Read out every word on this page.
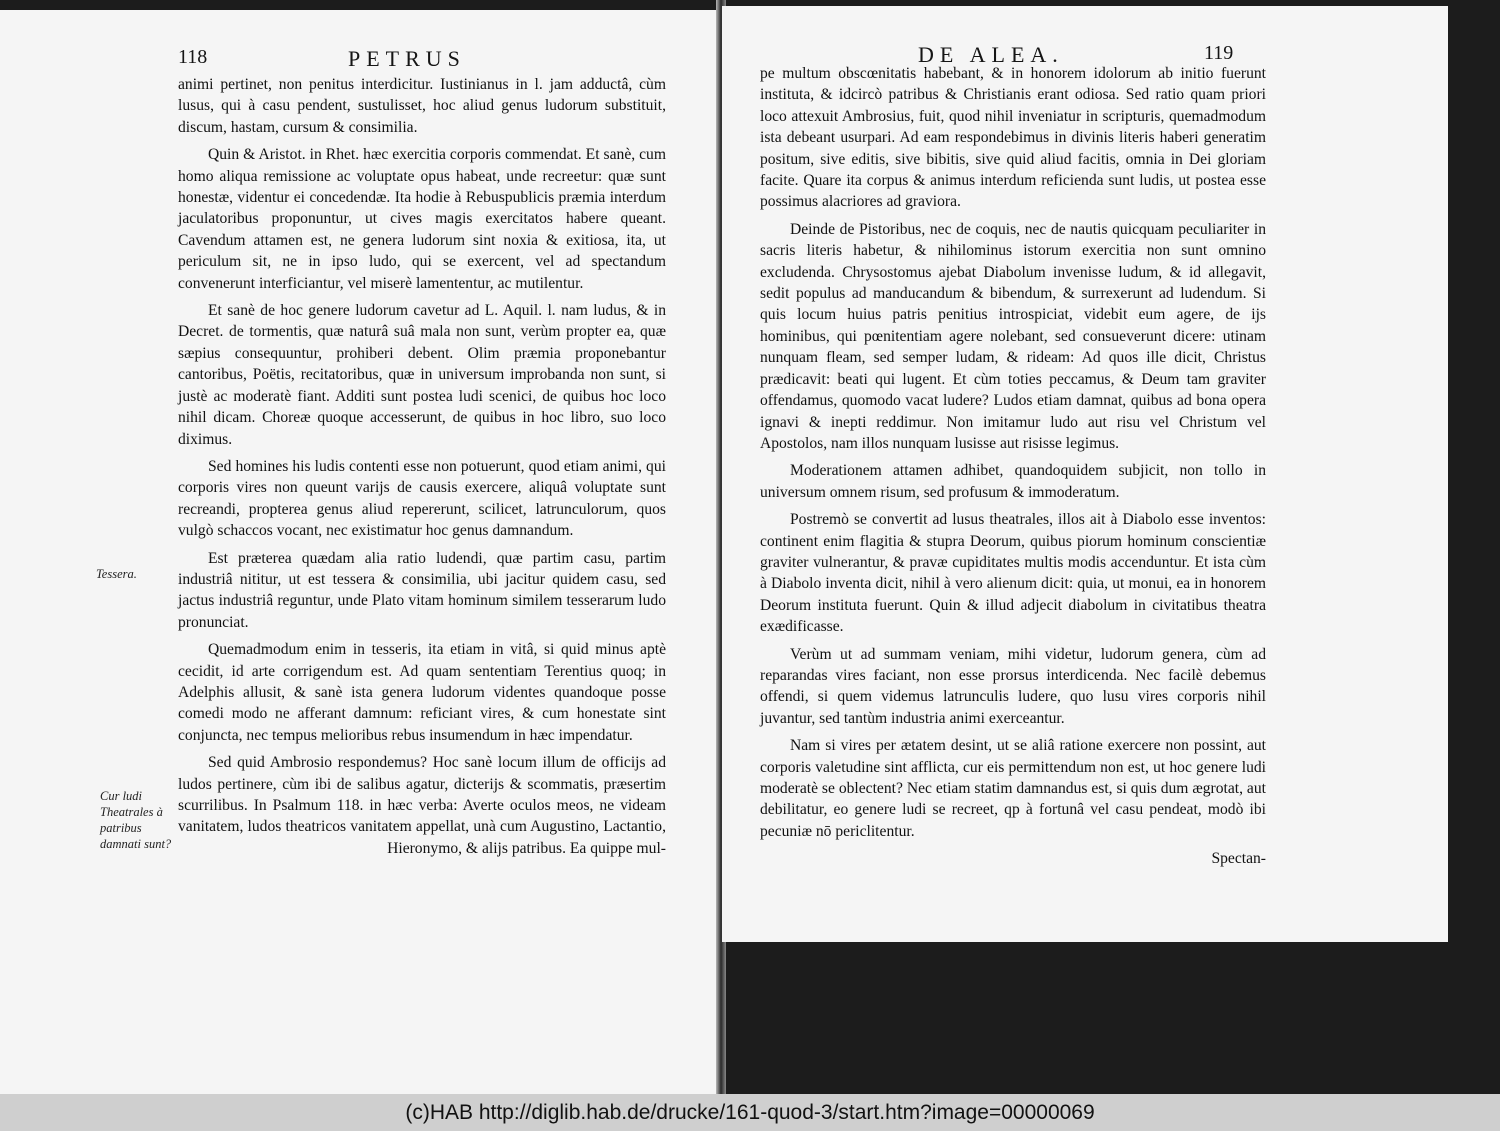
118	PETRUS

animi pertinet, non penitus interdicitur. Iustinianus in l. jam adductâ, cùm lusus, qui à casu pendent, sustulisset, hoc aliud genus ludorum substituit, discum, hastam, cursum & consimilia.

Quin & Aristot. in Rhet. hæc exercitia corporis commendat. Et sanè, cum homo aliqua remissione ac voluptate opus habeat, unde recreetur: quæ sunt honestæ, videntur ei concedendæ. Ita hodie à Rebuspublicis præmia interdum jaculatoribus proponuntur, ut cives magis exercitatos habere queant. Cavendum attamen est, ne genera ludorum sint noxia & exitiosa, ita, ut periculum sit, ne in ipso ludo, qui se exercent, vel ad spectandum convenerunt interficiantur, vel miserè lamententur, ac mutilentur.

Et sanè de hoc genere ludorum cavetur ad L. Aquil. l. nam ludus, & in Decret. de tormentis, quæ naturâ suâ mala non sunt, verùm propter ea, quæ sæpius consequuntur, prohiberi debent. Olim præmia proponebantur cantoribus, Poëtis, recitatoribus, quæ in universum improbanda non sunt, si justè ac moderatè fiant. Additi sunt postea ludi scenici, de quibus hoc loco nihil dicam. Choreæ quoque accesserunt, de quibus in hoc libro, suo loco diximus.

Sed homines his ludis contenti esse non potuerunt, quod etiam animi, qui corporis vires non queunt varijs de causis exercere, aliquâ voluptate sunt recreandi, propterea genus aliud repererunt, scilicet, latrunculorum, quos vulgò schaccos vocant, nec existimatur hoc genus damnandum.

Est præterea quædam alia ratio ludendi, quæ partim casu, partim industriâ nititur, ut est tessera & consimilia, ubi jacitur quidem casu, sed jactus industriâ reguntur, unde Plato vitam hominum similem tesserarum ludo pronunciat.

Quemadmodum enim in tesseris, ita etiam in vitâ, si quid minus aptè cecidit, id arte corrigendum est. Ad quam sententiam Terentius quoq; in Adelphis allusit, & sanè ista genera ludorum videntes quandoque posse comedi modo ne afferant damnum: reficiant vires, & cum honestate sint conjuncta, nec tempus melioribus rebus insumendum in hæc impendatur.

Sed quid Ambrosio respondemus? Hoc sanè locum illum de officijs ad ludos pertinere, cùm ibi de salibus agatur, dicterijs & scommatis, præsertim scurrilibus. In Psalmum 118. in hæc verba: Averte oculos meos, ne videam vanitatem, ludos theatricos vanitatem appellat, unà cum Augustino, Lactantio, Hieronymo, & alijs patribus. Ea quippe mul-

Tessera.
Cur ludi Theatrales à patribus damnati sunt?
DE ALEA.	119

pe multum obscœnitatis habebant, & in honorem idolorum ab initio fuerunt instituta, & idcircò patribus & Christianis erant odiosa. Sed ratio quam priori loco attexuit Ambrosius, fuit, quod nihil inveniatur in scripturis, quemadmodum ista debeant usurpari. Ad eam respondebimus in divinis literis haberi generatim positum, sive editis, sive bibitis, sive quid aliud facitis, omnia in Dei gloriam facite. Quare ita corpus & animus interdum reficienda sunt ludis, ut postea esse possimus alacriores ad graviora.

Deinde de Pistoribus, nec de coquis, nec de nautis quicquam peculiariter in sacris literis habetur, & nihilominus istorum exercitia non sunt omnino excludenda. Chrysostomus ajebat Diabolum invenisse ludum, & id allegavit, sedit populus ad manducandum & bibendum, & surrexerunt ad ludendum. Si quis locum huius patris penitius introspiciat, videbit eum agere, de ijs hominibus, qui pœnitentiam agere nolebant, sed consueverunt dicere: utinam nunquam fleam, sed semper ludam, & rideam: Ad quos ille dicit, Christus prædicavit: beati qui lugent. Et cùm toties peccamus, & Deum tam graviter offendamus, quomodo vacat ludere? Ludos etiam damnat, quibus ad bona opera ignavi & inepti reddimur. Non imitamur ludo aut risu vel Christum vel Apostolos, nam illos nunquam lusisse aut risisse legimus.

Moderationem attamen adhibet, quandoquidem subjicit, non tollo in universum omnem risum, sed profusum & immoderatum.

Postremò se convertit ad lusus theatrales, illos ait à Diabolo esse inventos: continent enim flagitia & stupra Deorum, quibus piorum hominum conscientiæ graviter vulnerantur, & pravæ cupiditates multis modis accenduntur. Et ista cùm à Diabolo inventa dicit, nihil à vero alienum dicit: quia, ut monui, ea in honorem Deorum instituta fuerunt. Quin & illud adjecit diabolum in civitatibus theatra exædificasse.

Verùm ut ad summam veniam, mihi videtur, ludorum genera, cùm ad reparandas vires faciant, non esse prorsus interdicenda. Nec facilè debemus offendi, si quem videmus latrunculis ludere, quo lusu vires corporis nihil juvantur, sed tantùm industria animi exerceantur.

Nam si vires per ætatem desint, ut se aliâ ratione exercere non possint, aut corporis valetudine sint afflicta, cur eis permittendum non est, ut hoc genere ludi moderatè se oblectent? Nec etiam statim damnandus est, si quis dum ægrotat, aut debilitatur, eo genere ludi se recreet, qp à fortunâ vel casu pendeat, modò ibi pecuniæ nō periclitentur.

Spectan-
(c)HAB http://diglib.hab.de/drucke/161-quod-3/start.htm?image=00000069
